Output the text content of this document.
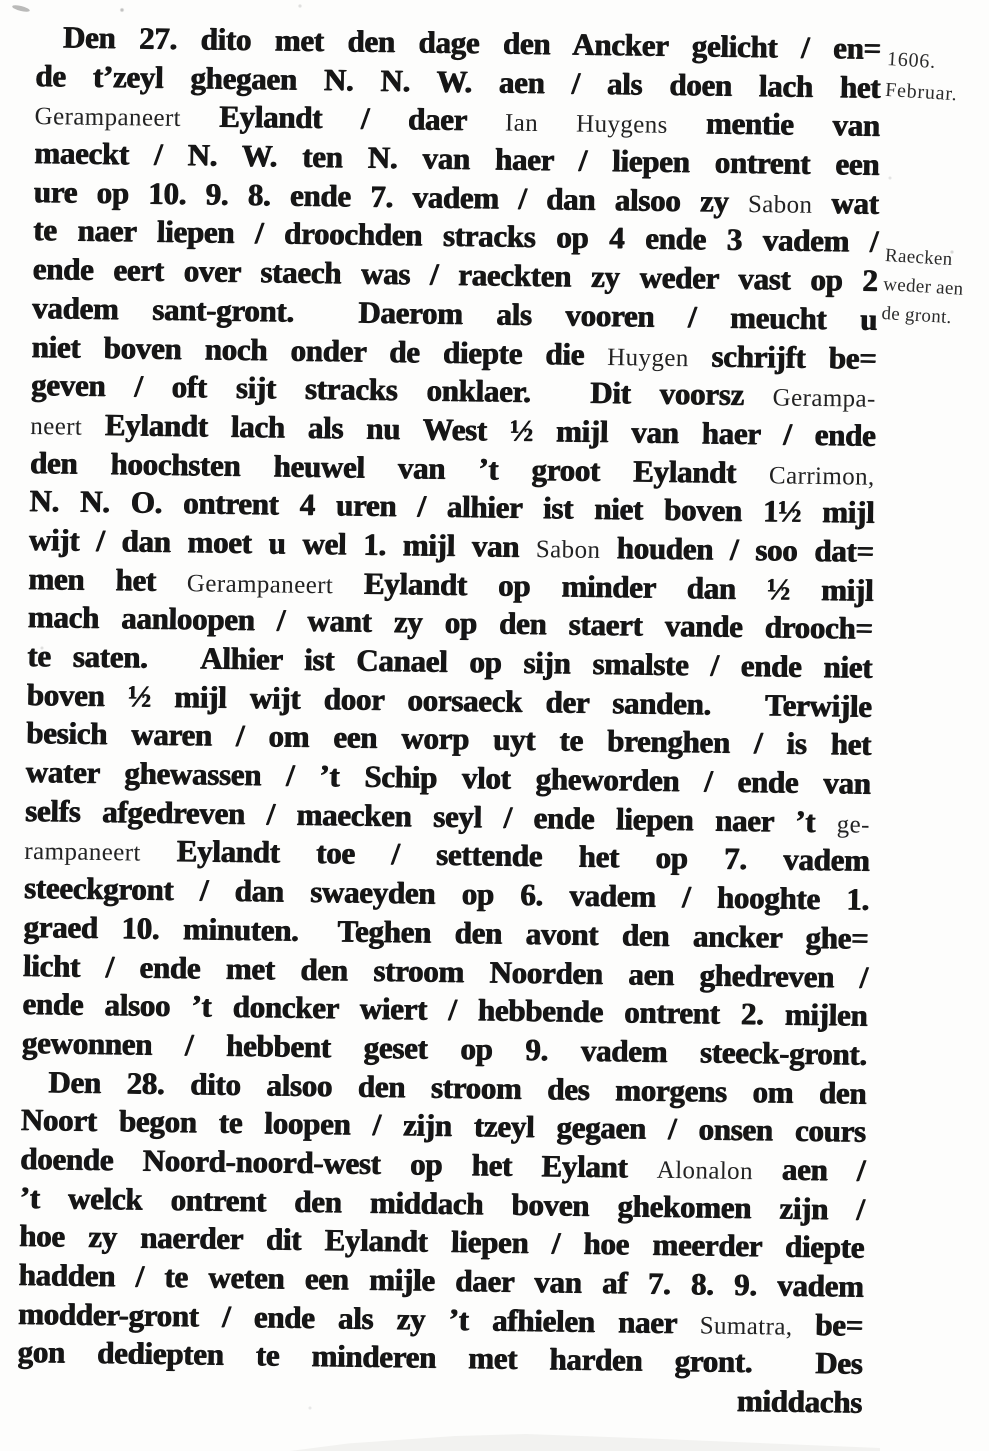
Den 27. dito met den dage den Ancker gelicht / en=
de t’zeyl ghegaen N. N. W. aen / als doen lach het
Gerampaneert Eylandt / daer Ian Huygens mentie van
maeckt / N. W. ten N. van haer / liepen ontrent een
ure op 10. 9. 8. ende 7. vadem / dan alsoo zy Sabon wat
te naer liepen / droochden stracks op 4 ende 3 vadem /
ende eert over staech was / raeckten zy weder vast op 2
vadem sant-gront.  Daerom als vooren / meucht u
niet boven noch onder de diepte die Huygen schrijft be=
geven / oft sijt stracks onklaer.  Dit voorsz Gerampa-
neert Eylandt lach als nu West ½ mijl van haer / ende
den hoochsten heuwel van ’t groot Eylandt Carrimon,
N. N. O. ontrent 4 uren / alhier ist niet boven 1½ mijl
wijt / dan moet u wel 1. mijl van Sabon houden / soo dat=
men het Gerampaneert Eylandt op minder dan ½ mijl
mach aanloopen / want zy op den staert vande drooch=
te saten.  Alhier ist Canael op sijn smalste / ende niet
boven ½ mijl wijt door oorsaeck der sanden.  Terwijle
besich waren / om een worp uyt te brenghen / is het
water ghewassen / ’t Schip vlot gheworden / ende van
selfs afgedreven / maecken seyl / ende liepen naer ’t ge-
rampaneert Eylandt toe / settende het op 7. vadem
steeckgront / dan swaeyden op 6. vadem / hooghte 1.
graed 10. minuten.  Teghen den avont den ancker ghe=
licht / ende met den stroom Noorden aen ghedreven /
ende alsoo ’t doncker wiert / hebbende ontrent 2. mijlen
gewonnen / hebbent geset op 9. vadem steeck-gront.
Den 28. dito alsoo den stroom des morgens om den
Noort begon te loopen / zijn tzeyl gegaen / onsen cours
doende Noord-noord-west op het Eylant Alonalon aen /
’t welck ontrent den middach boven ghekomen zijn /
hoe zy naerder dit Eylandt liepen / hoe meerder diepte
hadden / te weten een mijle daer van af 7. 8. 9. vadem
modder-gront / ende als zy ’t afhielen naer Sumatra, be=
gon dediepten te minderen met harden gront.  Des
middachs
1606.
Februar.
Raecken
weder aen
de gront.
